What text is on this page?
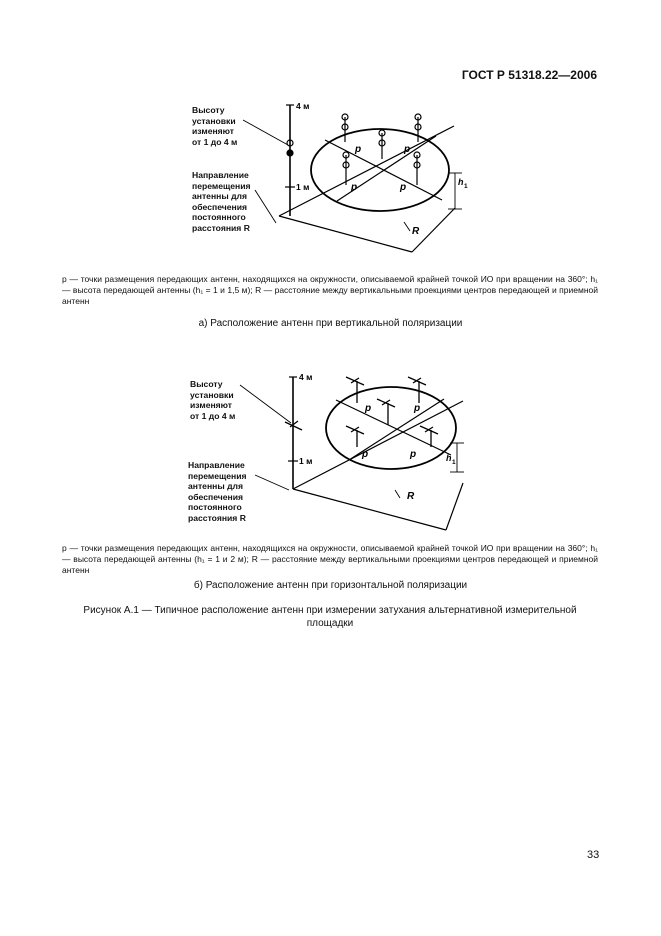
ГОСТ Р 51318.22—2006
p	p
p	p
4 м
1 м	h 1
R
Высоту
установки
изменяют
от 1 до 4 м
Направление
перемещения
антенны для
обеспечения
постоянного
расстояния R
p — точки размещения передающих антенн, находящихся на окружности, описываемой крайней точкой ИО при вращении на 360°; h₁ — высота передающей антенны (h₁ = 1 и 1,5 м); R — расстояние между вертикальными проекциями центров передающей и приемной антенн
а) Расположение антенн при вертикальной поляризации
p	p
p	p
4 м
1 м	h 1
R
Высоту
установки
изменяют
от 1 до 4 м
Направление
перемещения
антенны для
обеспечения
постоянного
расстояния R
p — точки размещения передающих антенн, находящихся на окружности, описываемой крайней точкой ИО при вращении на 360°; h₁ — высота передающей антенны (h₁ = 1 и 2 м); R — расстояние между вертикальными проекциями центров передающей и приемной антенн
б) Расположение антенн при горизонтальной поляризации
Рисунок А.1 — Типичное расположение антенн при измерении затухания альтернативной измерительной площадки
33
